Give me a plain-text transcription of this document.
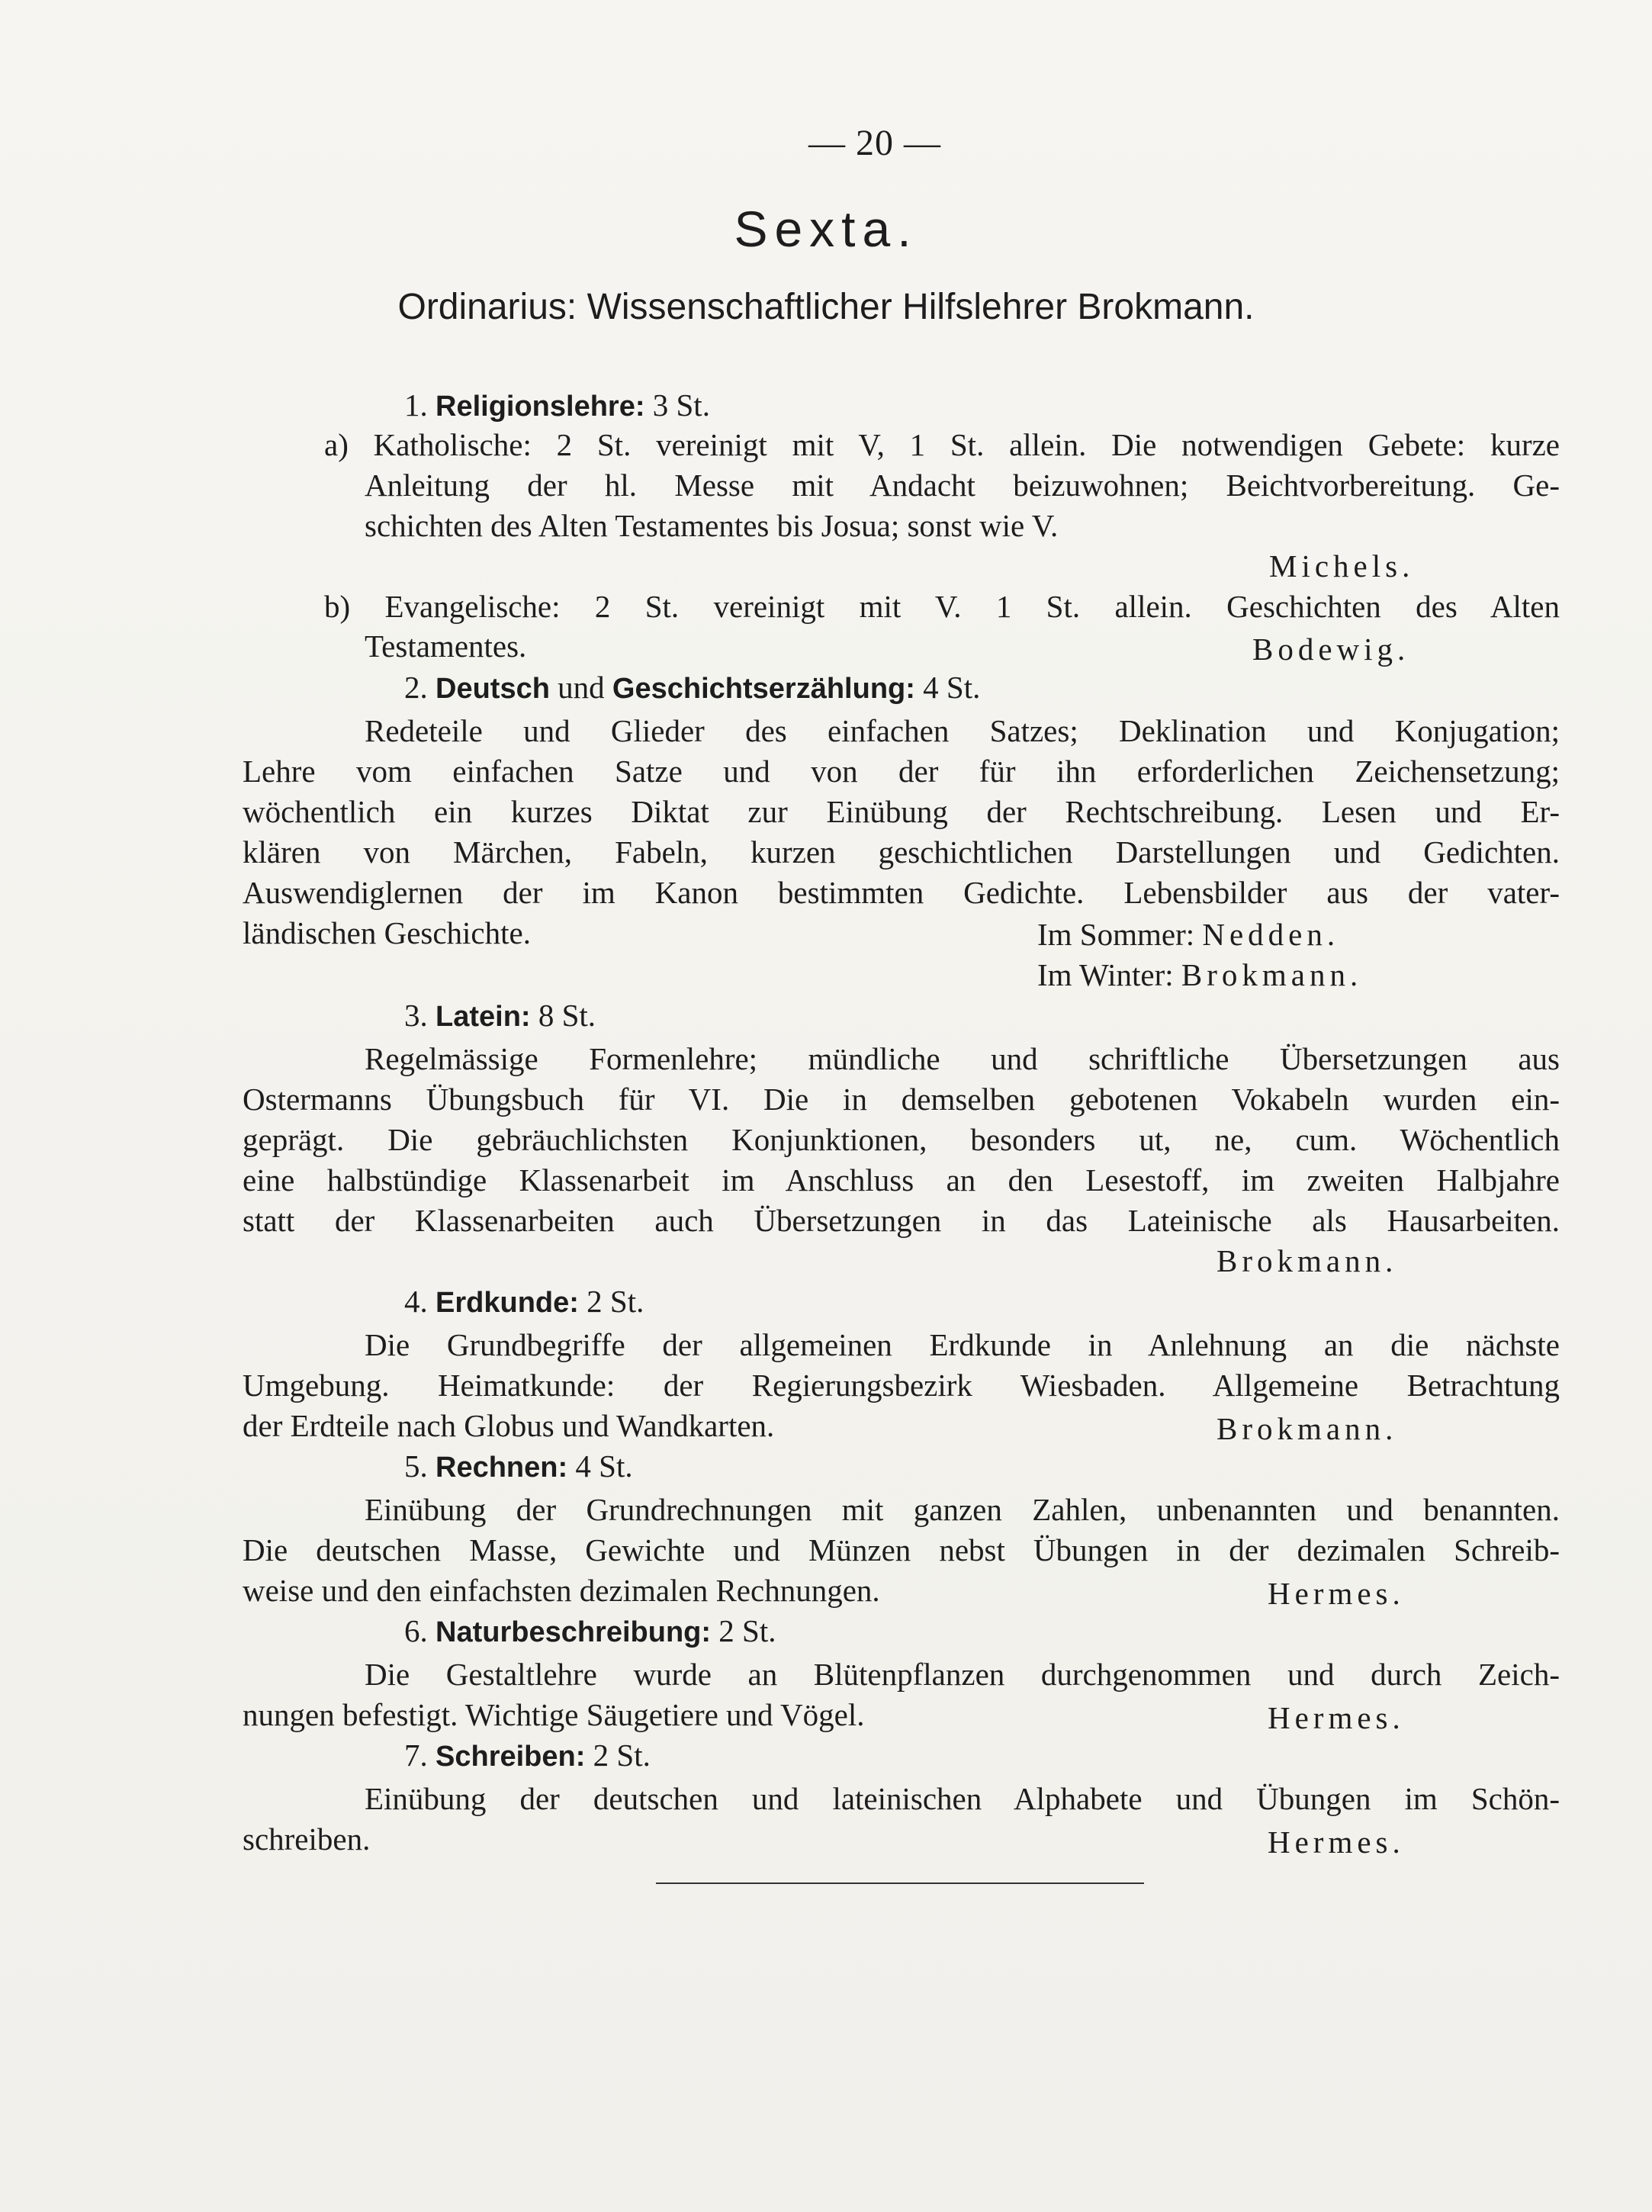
— 20 —
Sexta.
Ordinarius: Wissenschaftlicher Hilfslehrer Brokmann.
1. Religionslehre: 3 St.
a) Katholische: 2 St. vereinigt mit V, 1 St. allein. Die notwendigen Gebete: kurze
Anleitung der hl. Messe mit Andacht beizuwohnen; Beichtvorbereitung. Ge-
schichten des Alten Testamentes bis Josua; sonst wie V.
Michels.
b) Evangelische: 2 St. vereinigt mit V. 1 St. allein. Geschichten des Alten
Testamentes.	Bodewig.
2. Deutsch und Geschichtserzählung: 4 St.
Redeteile und Glieder des einfachen Satzes; Deklination und Konjugation;
Lehre vom einfachen Satze und von der für ihn erforderlichen Zeichensetzung;
wöchentlich ein kurzes Diktat zur Einübung der Rechtschreibung. Lesen und Er-
klären von Märchen, Fabeln, kurzen geschichtlichen Darstellungen und Gedichten.
Auswendiglernen der im Kanon bestimmten Gedichte. Lebensbilder aus der vater-
ländischen Geschichte.	Im Sommer: Nedden.
Im Winter: Brokmann.
3. Latein: 8 St.
Regelmässige Formenlehre; mündliche und schriftliche Übersetzungen aus
Ostermanns Übungsbuch für VI. Die in demselben gebotenen Vokabeln wurden ein-
geprägt. Die gebräuchlichsten Konjunktionen, besonders ut, ne, cum. Wöchentlich
eine halbstündige Klassenarbeit im Anschluss an den Lesestoff, im zweiten Halbjahre
statt der Klassenarbeiten auch Übersetzungen in das Lateinische als Hausarbeiten.
Brokmann.
4. Erdkunde: 2 St.
Die Grundbegriffe der allgemeinen Erdkunde in Anlehnung an die nächste
Umgebung. Heimatkunde: der Regierungsbezirk Wiesbaden. Allgemeine Betrachtung
der Erdteile nach Globus und Wandkarten.	Brokmann.
5. Rechnen: 4 St.
Einübung der Grundrechnungen mit ganzen Zahlen, unbenannten und benannten.
Die deutschen Masse, Gewichte und Münzen nebst Übungen in der dezimalen Schreib-
weise und den einfachsten dezimalen Rechnungen.	Hermes.
6. Naturbeschreibung: 2 St.
Die Gestaltlehre wurde an Blütenpflanzen durchgenommen und durch Zeich-
nungen befestigt. Wichtige Säugetiere und Vögel.	Hermes.
7. Schreiben: 2 St.
Einübung der deutschen und lateinischen Alphabete und Übungen im Schön-
schreiben.	Hermes.
